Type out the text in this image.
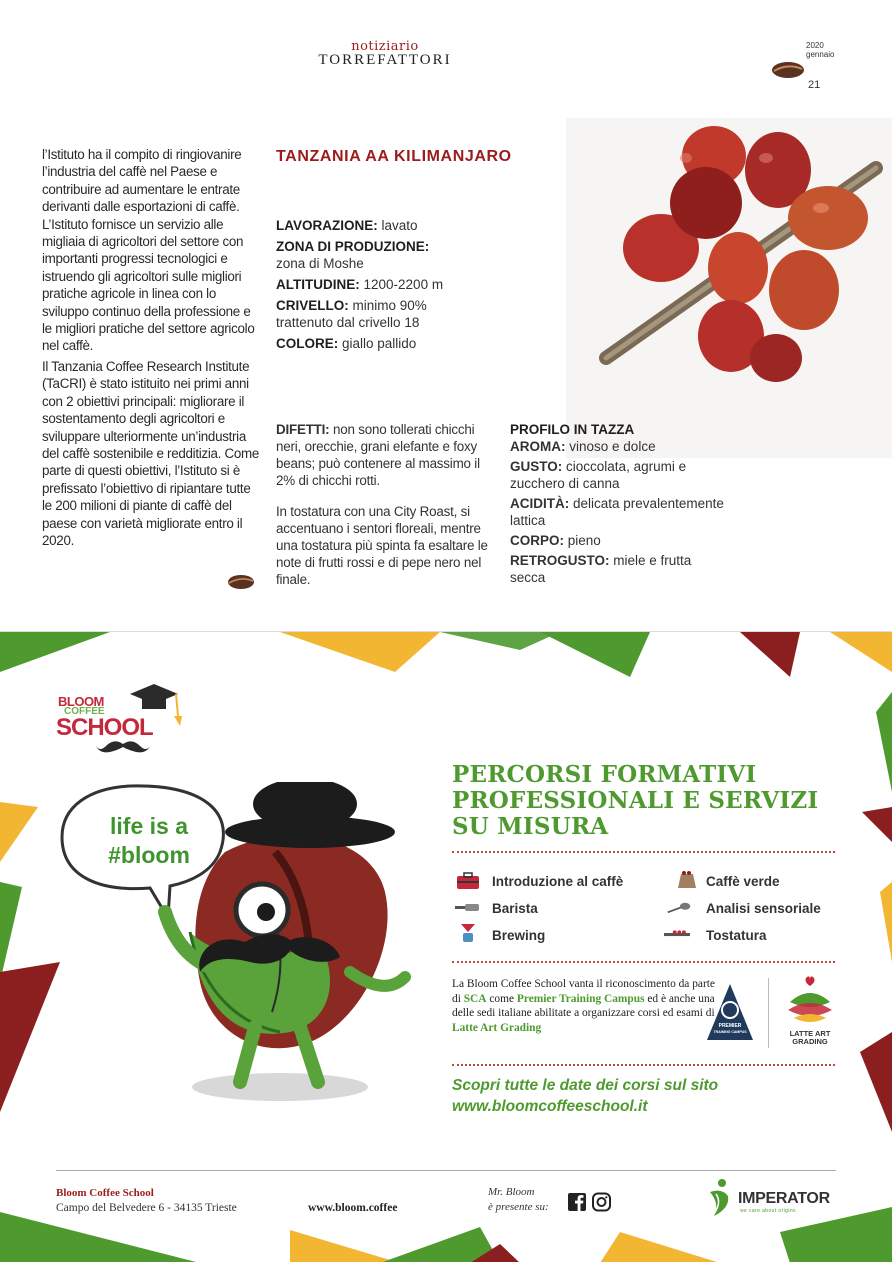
notiziario
TORREFATTORI
2020
gennaio
21

l’Istituto ha il compito di ringiovanire l’industria del caffè nel Paese e contribuire ad aumentare le entrate derivanti dalle esportazioni di caffè. L’Istituto fornisce un servizio alle migliaia di agricoltori del settore con importanti progressi tecnologici e istruendo gli agricoltori sulle migliori pratiche agricole in linea con lo sviluppo continuo della professione e le migliori pratiche del settore agricolo nel caffè.

Il Tanzania Coffee Research Institute (TaCRI) è stato istituito nei primi anni con 2 obiettivi principali: migliorare il sostentamento degli agricoltori e sviluppare ulteriormente un’industria del caffè sostenibile e redditizia. Come parte di questi obiettivi, l’Istituto si è prefissato l’obiettivo di ripiantare tutte le 200 milioni di piante di caffè del paese con varietà migliorate entro il 2020.

TANZANIA AA KILIMANJARO
LAVORAZIONE: lavato
ZONA DI PRODUZIONE:
zona di Moshe
ALTITUDINE: 1200-2200 m
CRIVELLO: minimo 90% trattenuto dal crivello 18
COLORE: giallo pallido

DIFETTI: non sono tollerati chicchi neri, orecchie, grani elefante e foxy beans; può contenere al massimo il 2% di chicchi rotti.

In tostatura con una City Roast, si accentuano i sentori floreali, mentre una tostatura più spinta fa esaltare le note di frutti rossi e di pepe nero nel finale.

PROFILO IN TAZZA
AROMA: vinoso e dolce
GUSTO: cioccolata, agrumi e zucchero di canna
ACIDITÀ: delicata prevalentemente lattica
CORPO: pieno
RETROGUSTO: miele e frutta secca
BLOOM
COFFEE
SCHOOL
life is a
#bloom
PERCORSI FORMATIVI
PROFESSIONALI E SERVIZI
SU MISURA
Introduzione al caffè
Barista
Brewing
Caffè verde
Analisi sensoriale
Tostatura
La Bloom Coffee School vanta il riconoscimento da parte di SCA come Premier Training Campus ed è anche una delle sedi italiane abilitate a organizzare corsi ed esami di Latte Art Grading	PREMIER
TRAINING CAMPUS	LATTE ART
GRADING
Scopri tutte le date dei corsi sul sito
www.bloomcoffeeschool.it
Bloom Coffee School
Campo del Belvedere 6 - 34135 Trieste	www.bloom.coffee
Mr. Bloom
è presente su:	IMPERATOR
we care about origins
